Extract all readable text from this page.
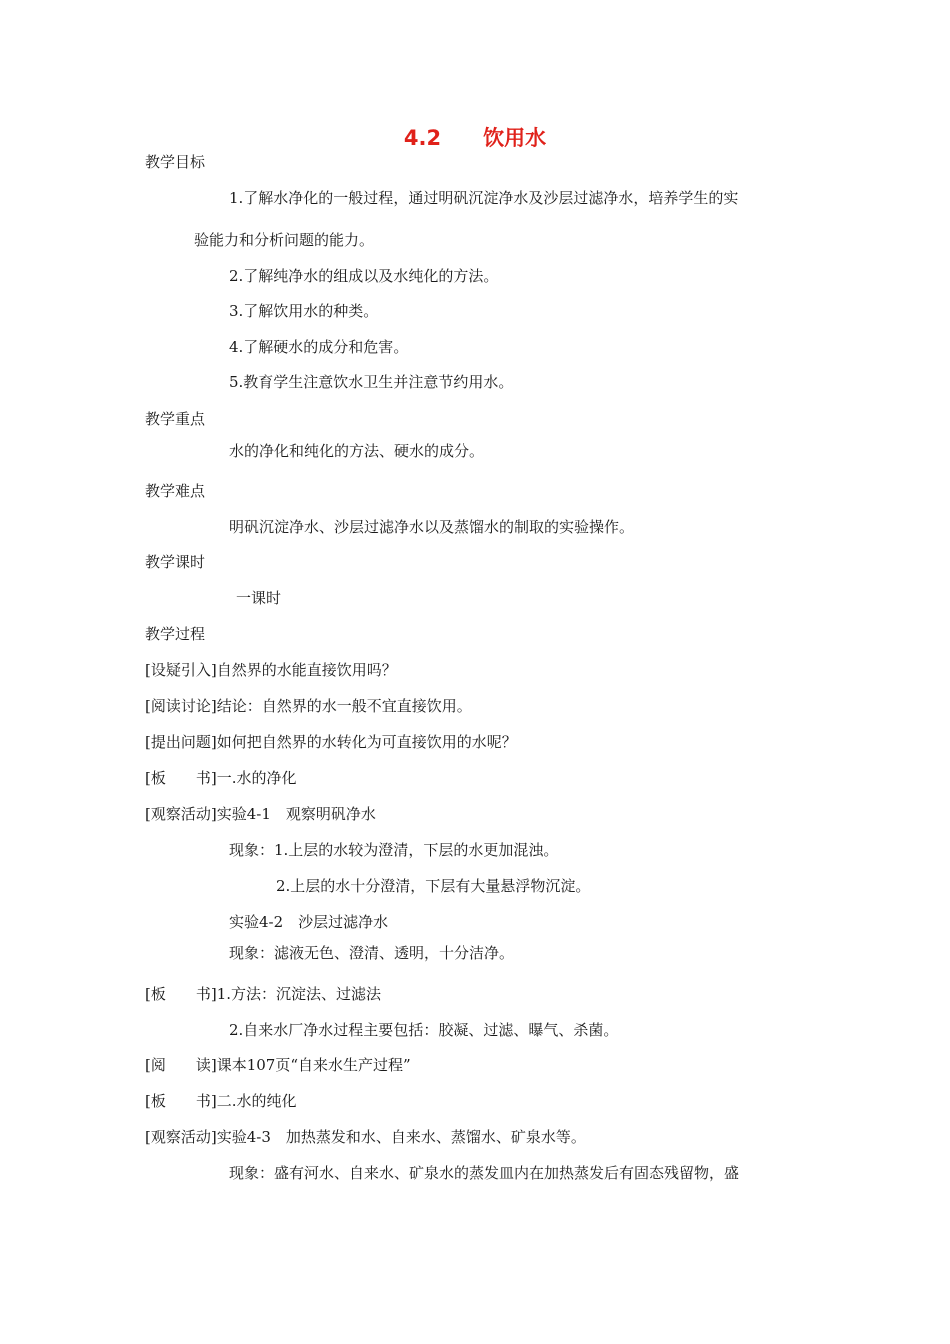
4.2 饮用水
教学目标
1.了解水净化的一般过程，通过明矾沉淀净水及沙层过滤净水，培养学生的实
验能力和分析问题的能力。
2.了解纯净水的组成以及水纯化的方法。
3.了解饮用水的种类。
4.了解硬水的成分和危害。
5.教育学生注意饮水卫生并注意节约用水。
教学重点
水的净化和纯化的方法、硬水的成分。
教学难点
明矾沉淀净水、沙层过滤净水以及蒸馏水的制取的实验操作。
教学课时
一课时
教学过程
[设疑引入]自然界的水能直接饮用吗？
[阅读讨论]结论：自然界的水一般不宜直接饮用。
[提出问题]如何把自然界的水转化为可直接饮用的水呢？
[板　　书]一.水的净化
[观察活动]实验4-1　观察明矾净水
现象：1.上层的水较为澄清，下层的水更加混浊。
2.上层的水十分澄清，下层有大量悬浮物沉淀。
实验4-2　沙层过滤净水
现象：滤液无色、澄清、透明，十分洁净。
[板　　书]1.方法：沉淀法、过滤法
2.自来水厂净水过程主要包括：胶凝、过滤、曝气、杀菌。
[阅　　读]课本107页“自来水生产过程”
[板　　书]二.水的纯化
[观察活动]实验4-3　加热蒸发和水、自来水、蒸馏水、矿泉水等。
现象：盛有河水、自来水、矿泉水的蒸发皿内在加热蒸发后有固态残留物，盛
